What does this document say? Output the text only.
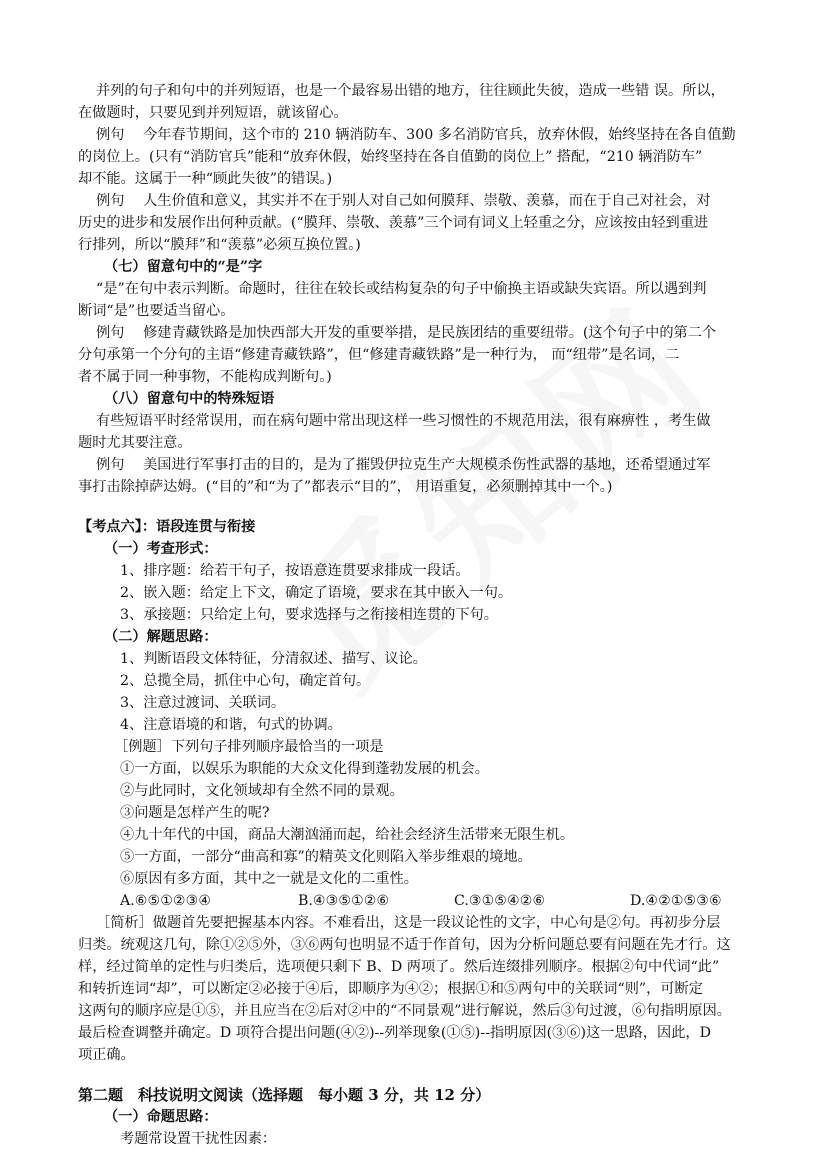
并列的句子和句中的并列短语，也是一个最容易出错的地方，往往顾此失彼，造成一些错 误。所以，
在做题时，只要见到并列短语，就该留心。
例句　 今年春节期间，这个市的 210 辆消防车、300 多名消防官兵，放弃休假，始终坚持在各自值勤
的岗位上。(只有“消防官兵”能和“放弃休假，始终坚持在各自值勤的岗位上” 搭配，“210 辆消防车”
却不能。这属于一种“顾此失彼”的错误。)
例句　 人生价值和意义，其实并不在于别人对自己如何膜拜、崇敬、羡慕，而在于自己对社会，对
历史的进步和发展作出何种贡献。(“膜拜、崇敬、羡慕”三个词有词义上轻重之分，应该按由轻到重进
行排列，所以“膜拜”和“羡慕”必须互换位置。)
（七）留意句中的“是”字
“是”在句中表示判断。命题时，往往在较长或结构复杂的句子中偷换主语或缺失宾语。所以遇到判
断词“是”也要适当留心。
例句　 修建青藏铁路是加快西部大开发的重要举措，是民族团结的重要纽带。(这个句子中的第二个
分句承第一个分句的主语“修建青藏铁路”，但“修建青藏铁路”是一种行为， 而“纽带”是名词，二
者不属于同一种事物，不能构成判断句。)
（八）留意句中的特殊短语
有些短语平时经常误用，而在病句题中常出现这样一些习惯性的不规范用法，很有麻痹性 ，考生做
题时尤其要注意。
例句　 美国进行军事打击的目的，是为了摧毁伊拉克生产大规模杀伤性武器的基地，还希望通过军
事打击除掉萨达姆。(“目的”和“为了”都表示“目的”， 用语重复，必须删掉其中一个。)
【考点六】：语段连贯与衔接
（一）考查形式：
1、排序题：给若干句子，按语意连贯要求排成一段话。
2、嵌入题：给定上下文，确定了语境，要求在其中嵌入一句。
3、承接题：只给定上句，要求选择与之衔接相连贯的下句。
（二）解题思路：
1、判断语段文体特征，分清叙述、描写、议论。
2、总揽全局，抓住中心句，确定首句。
3、注意过渡词、关联词。
4、注意语境的和谐，句式的协调。
［例题］下列句子排列顺序最恰当的一项是
①一方面，以娱乐为职能的大众文化得到蓬勃发展的机会。
②与此同时，文化领域却有全然不同的景观。
③问题是怎样产生的呢?
④九十年代的中国，商品大潮汹涌而起，给社会经济生活带来无限生机。
⑤一方面，一部分“曲高和寡”的精英文化则陷入举步维艰的境地。
⑥原因有多方面，其中之一就是文化的二重性。
A.⑥⑤①②③④	B.④③⑤①②⑥	C.③①⑤④②⑥	D.④②①⑤③⑥
［简析］做题首先要把握基本内容。不难看出，这是一段议论性的文字，中心句是②句。再初步分层
归类。统观这几句，除①②⑤外，③⑥两句也明显不适于作首句，因为分析问题总要有问题在先才行。这
样，经过简单的定性与归类后，选项便只剩下 B、D 两项了。然后连缀排列顺序。根据②句中代词“此”
和转折连词“却”，可以断定②必接于④后，即顺序为④②；根据①和⑤两句中的关联词“则”，可断定
这两句的顺序应是①⑤，并且应当在②后对②中的“不同景观”进行解说，然后③句过渡，⑥句指明原因。
最后检查调整并确定。D 项符合提出问题(④②)--列举现象(①⑤)--指明原因(③⑥)这一思路，因此，D
项正确。
第二题　科技说明文阅读（选择题　每小题 3 分，共 12 分）
（一）命题思路：
考题常设置干扰性因素：
